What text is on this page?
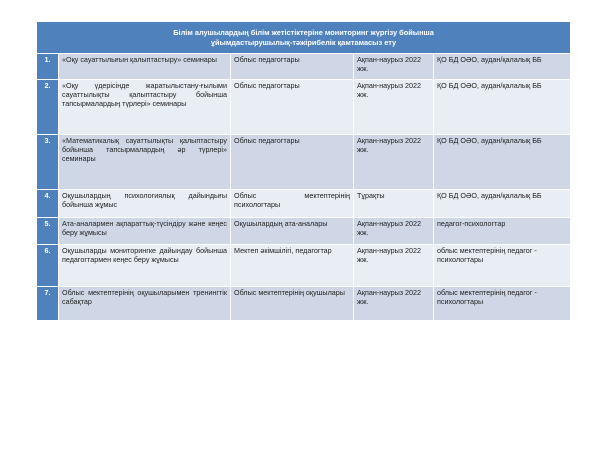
Білім алушылардың білім жетістіктеріне мониторинг жүргізу бойынша
ұйымдастырушылық-тәжірибелік қамтамасыз ету				
1.	«Оқу сауаттылығын қалыптастыру» семинары	Облыс педагогтары	Ақпан-наурыз 2022 жж.	ҚО БД ОӘО, аудан/қалалық ББ
2.	«Оқу үдерісінде жаратылыстану-ғылыми сауаттылықты қалыптастыру бойынша тапсырмалардың түрлері» семинары	Облыс педагогтары	Ақпан-наурыз 2022 жж.	ҚО БД ОӘО, аудан/қалалық ББ
3.	«Математикалық сауаттылықты қалыптастыру бойынша тапсырмалардың әр түрлері» семинары	Облыс педагогтары	Ақпан-наурыз 2022 жж.	ҚО БД ОӘО, аудан/қалалық ББ
4.	Оқушылардың психологиялық дайындығы бойынша жұмыс	Облыс мектептерінің психологтары	Тұрақты	ҚО БД ОӘО, аудан/қалалық ББ
5.	Ата-аналармен ақпараттық-түсіндіру және кеңес беру жұмысы	Оқушылардың ата-аналары	Ақпан-наурыз 2022 жж.	педагог-психологтар
6.	Оқушыларды мониторингке дайындау бойынша педагогтармен кеңес беру жұмысы	Мектеп әкімшілігі, педагогтар	Ақпан-наурыз 2022 жж.	облыс мектептерінің педагог - психологтары
7.	Облыс мектептерінің оқушыларымен тренингтік сабақтар	Облыс мектептерінің оқушылары	Ақпан-наурыз 2022 жж.	облыс мектептерінің педагог - психологтары
